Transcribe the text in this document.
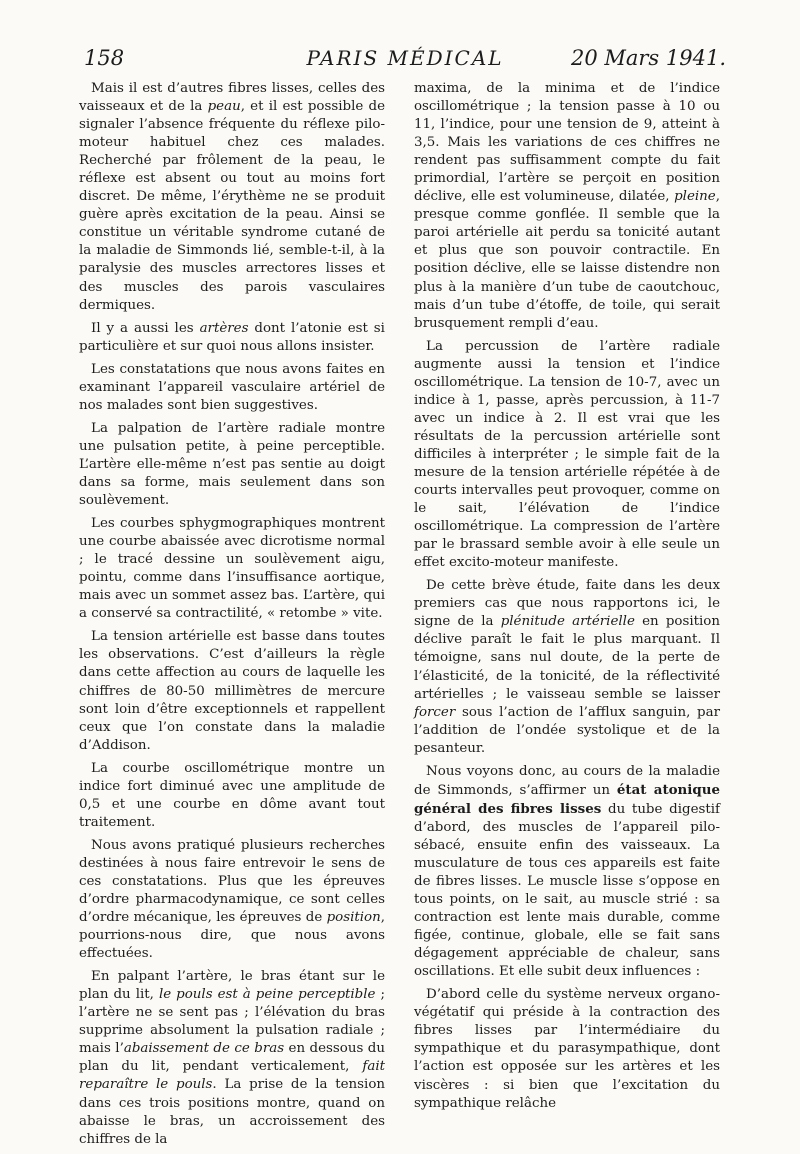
158	PARIS MÉDICAL	20 Mars 1941.

Mais il est d’autres fibres lisses, celles des vaisseaux et de la peau, et il est possible de signaler l’absence fréquente du réflexe pilo-moteur habituel chez ces malades. Recherché par frôlement de la peau, le réflexe est absent ou tout au moins fort discret. De même, l’érythème ne se produit guère après excitation de la peau. Ainsi se constitue un véritable syndrome cutané de la maladie de Simmonds lié, semble-t-il, à la paralysie des muscles arrectores lisses et des muscles des parois vasculaires dermiques.

Il y a aussi les artères dont l’atonie est si particulière et sur quoi nous allons insister.

Les constatations que nous avons faites en examinant l’appareil vasculaire artériel de nos malades sont bien suggestives.

La palpation de l’artère radiale montre une pulsation petite, à peine perceptible. L’artère elle-même n’est pas sentie au doigt dans sa forme, mais seulement dans son soulèvement.

Les courbes sphygmographiques montrent une courbe abaissée avec dicrotisme normal ; le tracé dessine un soulèvement aigu, pointu, comme dans l’insuffisance aortique, mais avec un sommet assez bas. L’artère, qui a conservé sa contractilité, « retombe » vite.

La tension artérielle est basse dans toutes les observations. C’est d’ailleurs la règle dans cette affection au cours de laquelle les chiffres de 80-50 millimètres de mercure sont loin d’être exceptionnels et rappellent ceux que l’on constate dans la maladie d’Addison.

La courbe oscillométrique montre un indice fort diminué avec une amplitude de 0,5 et une courbe en dôme avant tout traitement.

Nous avons pratiqué plusieurs recherches destinées à nous faire entrevoir le sens de ces constatations. Plus que les épreuves d’ordre pharmacodynamique, ce sont celles d’ordre mécanique, les épreuves de position, pourrions-nous dire, que nous avons effectuées.

En palpant l’artère, le bras étant sur le plan du lit, le pouls est à peine perceptible ; l’artère ne se sent pas ; l’élévation du bras supprime absolument la pulsation radiale ; mais l’abaissement de ce bras en dessous du plan du lit, pendant verticalement, fait reparaître le pouls. La prise de la tension dans ces trois positions montre, quand on abaisse le bras, un accroissement des chiffres de la

maxima, de la minima et de l’indice oscillométrique ; la tension passe à 10 ou 11, l’indice, pour une tension de 9, atteint à 3,5. Mais les variations de ces chiffres ne rendent pas suffisamment compte du fait primordial, l’artère se perçoit en position déclive, elle est volumineuse, dilatée, pleine, presque comme gonflée. Il semble que la paroi artérielle ait perdu sa tonicité autant et plus que son pouvoir contractile. En position déclive, elle se laisse distendre non plus à la manière d’un tube de caoutchouc, mais d’un tube d’étoffe, de toile, qui serait brusquement rempli d’eau.

La percussion de l’artère radiale augmente aussi la tension et l’indice oscillométrique. La tension de 10-7, avec un indice à 1, passe, après percussion, à 11-7 avec un indice à 2. Il est vrai que les résultats de la percussion artérielle sont difficiles à interpréter ; le simple fait de la mesure de la tension artérielle répétée à de courts intervalles peut provoquer, comme on le sait, l’élévation de l’indice oscillométrique. La compression de l’artère par le brassard semble avoir à elle seule un effet excito-moteur manifeste.

De cette brève étude, faite dans les deux premiers cas que nous rapportons ici, le signe de la plénitude artérielle en position déclive paraît le fait le plus marquant. Il témoigne, sans nul doute, de la perte de l’élasticité, de la tonicité, de la réflectivité artérielles ; le vaisseau semble se laisser forcer sous l’action de l’afflux sanguin, par l’addition de l’ondée systolique et de la pesanteur.

Nous voyons donc, au cours de la maladie de Simmonds, s’affirmer un état atonique général des fibres lisses du tube digestif d’abord, des muscles de l’appareil pilo-sébacé, ensuite enfin des vaisseaux. La musculature de tous ces appareils est faite de fibres lisses. Le muscle lisse s’oppose en tous points, on le sait, au muscle strié : sa contraction est lente mais durable, comme figée, continue, globale, elle se fait sans dégagement appréciable de chaleur, sans oscillations. Et elle subit deux influences :

D’abord celle du système nerveux organo-végétatif qui préside à la contraction des fibres lisses par l’intermédiaire du sympathique et du parasympathique, dont l’action est opposée sur les artères et les viscères : si bien que l’excitation du sympathique relâche
